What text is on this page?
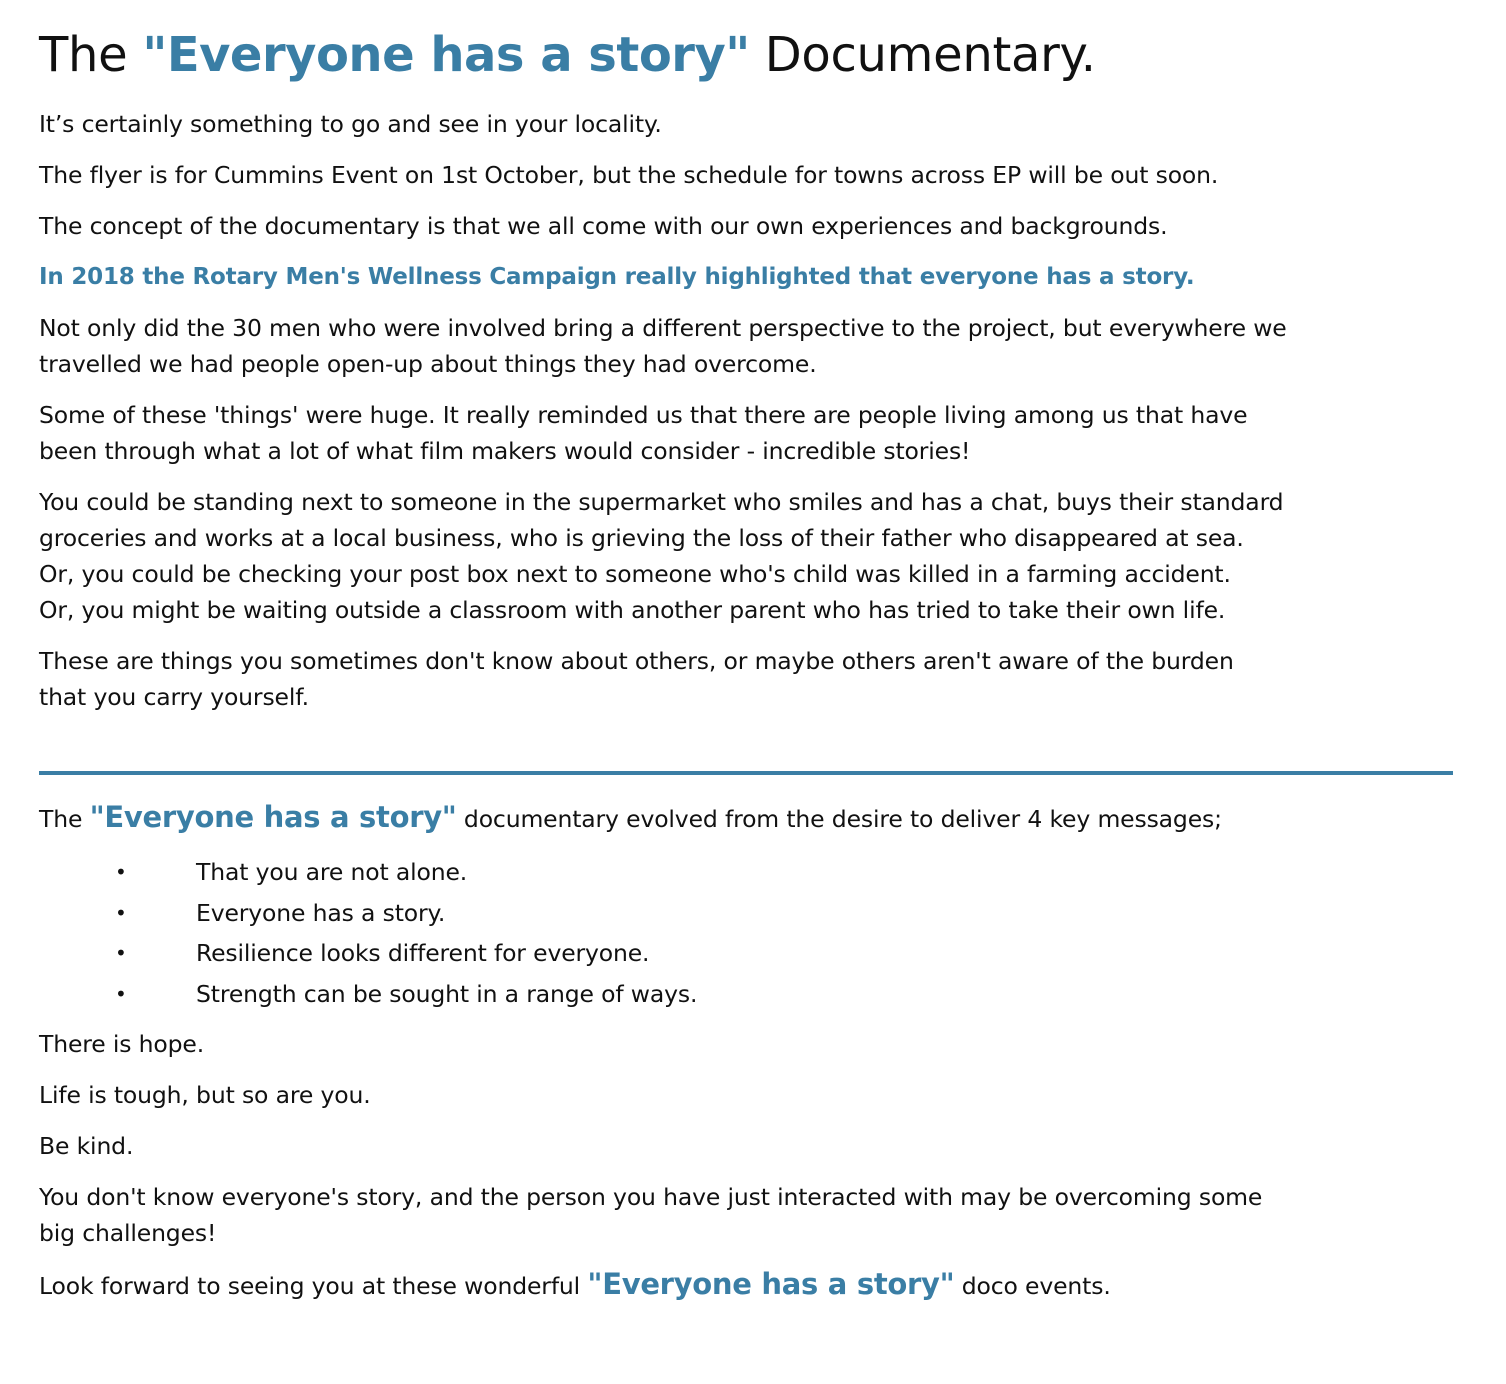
The "Everyone has a story" Documentary.

It’s certainly something to go and see in your locality.

The flyer is for Cummins Event on 1st October, but the schedule for towns across EP will be out soon.

The concept of the documentary is that we all come with our own experiences and backgrounds.

In 2018 the Rotary Men's Wellness Campaign really highlighted that everyone has a story.

Not only did the 30 men who were involved bring a different perspective to the project, but everywhere we
travelled we had people open-up about things they had overcome.

Some of these 'things' were huge. It really reminded us that there are people living among us that have
been through what a lot of what film makers would consider - incredible stories!

You could be standing next to someone in the supermarket who smiles and has a chat, buys their standard
groceries and works at a local business, who is grieving the loss of their father who disappeared at sea.
Or, you could be checking your post box next to someone who's child was killed in a farming accident.
Or, you might be waiting outside a classroom with another parent who has tried to take their own life.

These are things you sometimes don't know about others, or maybe others aren't aware of the burden
that you carry yourself.

The "Everyone has a story" documentary evolved from the desire to deliver 4 key messages;

•	That you are not alone.
•	Everyone has a story.
•	Resilience looks different for everyone.
•	Strength can be sought in a range of ways.

There is hope.

Life is tough, but so are you.

Be kind.

You don't know everyone's story, and the person you have just interacted with may be overcoming some
big challenges!

Look forward to seeing you at these wonderful "Everyone has a story" doco events.
